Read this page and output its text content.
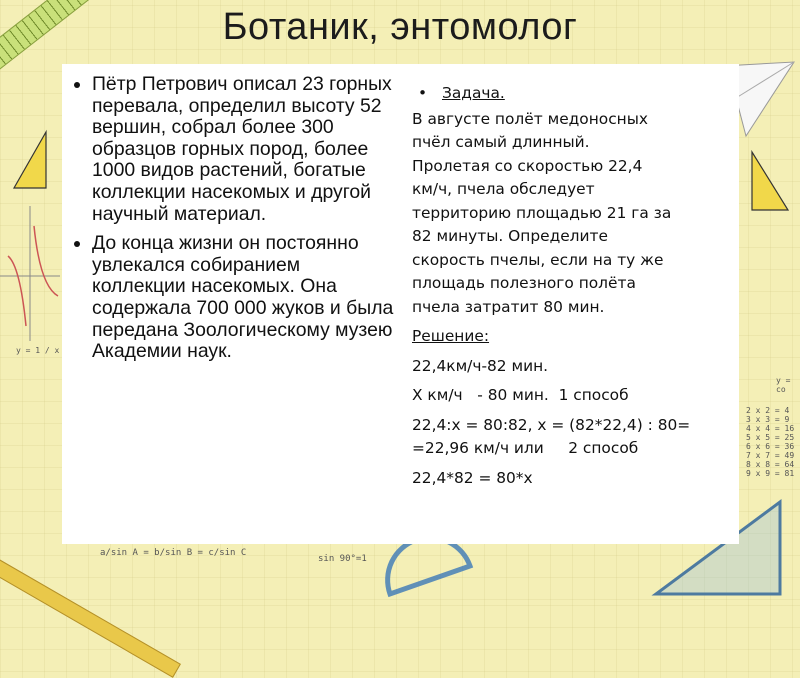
Ботаник, энтомолог
y = 1 / x
a/sin A = b/sin B = c/sin C
sin 90°=1
y = co
2 x 2 = 4
3 x 3 = 9
4 x 4 = 16
5 x 5 = 25
6 x 6 = 36
7 x 7 = 49
8 x 8 = 64
9 x 9 = 81
• Пётр Петрович описал 23 горных перевала, определил высоту 52 вершин, собрал более 300 образцов горных пород, более 1000 видов растений, богатые коллекции насекомых и другой научный материал.
• До конца жизни он постоянно увлекался собиранием коллекции насекомых. Она содержала 700 000 жуков и была передана Зоологическому музею Академии наук.
• Задача.
В августе полёт медоносных
пчёл самый длинный.
Пролетая со скоростью 22,4
км/ч, пчела обследует
территорию площадью 21 га за
82 минуты. Определите
скорость пчелы, если на ту же
площадь полезного полёта
пчела затратит 80 мин.
Решение:
22,4км/ч-82 мин.
Х км/ч   - 80 мин.  1 способ
22,4:x = 80:82, x = (82*22,4) : 80=
=22,96 км/ч или     2 способ
22,4*82 = 80*x
